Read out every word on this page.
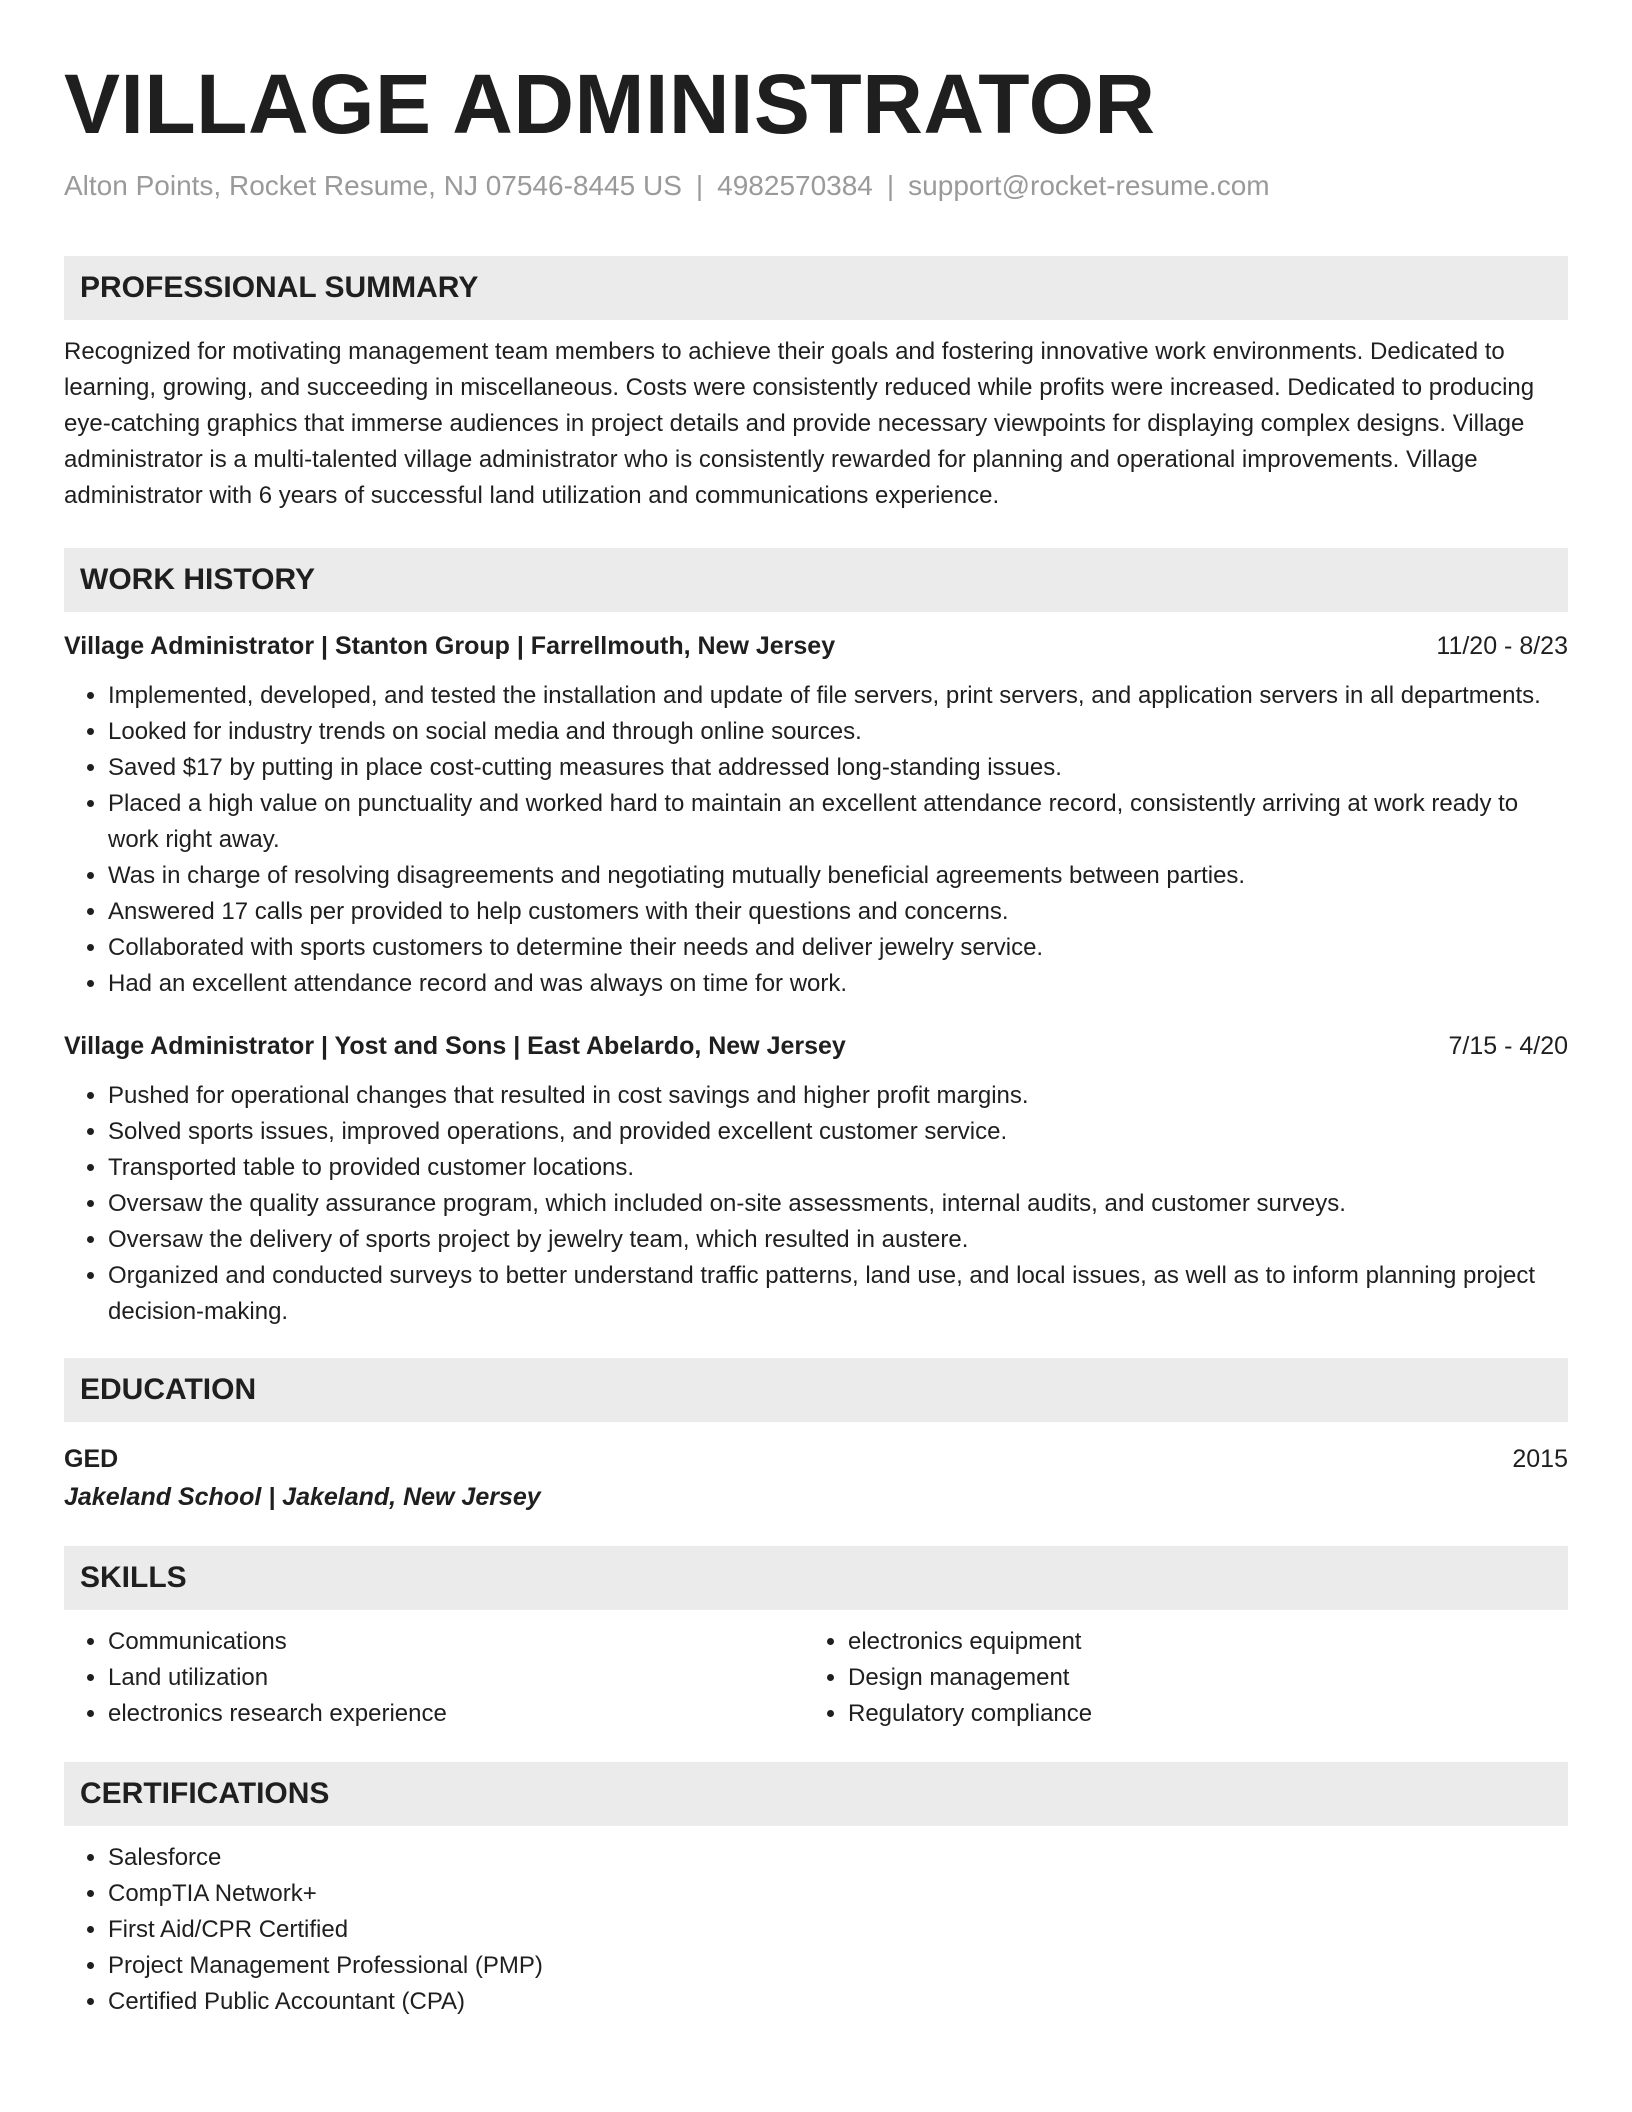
VILLAGE ADMINISTRATOR
Alton Points, Rocket Resume, NJ 07546-8445 US | 4982570384 | support@rocket-resume.com
PROFESSIONAL SUMMARY
Recognized for motivating management team members to achieve their goals and fostering innovative work environments. Dedicated to learning, growing, and succeeding in miscellaneous. Costs were consistently reduced while profits were increased. Dedicated to producing eye-catching graphics that immerse audiences in project details and provide necessary viewpoints for displaying complex designs. Village administrator is a multi-talented village administrator who is consistently rewarded for planning and operational improvements. Village administrator with 6 years of successful land utilization and communications experience.
WORK HISTORY
Village Administrator | Stanton Group | Farrellmouth, New Jersey	11/20 - 8/23
• Implemented, developed, and tested the installation and update of file servers, print servers, and application servers in all departments.
• Looked for industry trends on social media and through online sources.
• Saved $17 by putting in place cost-cutting measures that addressed long-standing issues.
• Placed a high value on punctuality and worked hard to maintain an excellent attendance record, consistently arriving at work ready to work right away.
• Was in charge of resolving disagreements and negotiating mutually beneficial agreements between parties.
• Answered 17 calls per provided to help customers with their questions and concerns.
• Collaborated with sports customers to determine their needs and deliver jewelry service.
• Had an excellent attendance record and was always on time for work.
Village Administrator | Yost and Sons | East Abelardo, New Jersey	7/15 - 4/20
• Pushed for operational changes that resulted in cost savings and higher profit margins.
• Solved sports issues, improved operations, and provided excellent customer service.
• Transported table to provided customer locations.
• Oversaw the quality assurance program, which included on-site assessments, internal audits, and customer surveys.
• Oversaw the delivery of sports project by jewelry team, which resulted in austere.
• Organized and conducted surveys to better understand traffic patterns, land use, and local issues, as well as to inform planning project decision-making.
EDUCATION
GED	2015
Jakeland School | Jakeland, New Jersey
SKILLS
• Communications
• Land utilization
• electronics research experience
• electronics equipment
• Design management
• Regulatory compliance
CERTIFICATIONS
• Salesforce
• CompTIA Network+
• First Aid/CPR Certified
• Project Management Professional (PMP)
• Certified Public Accountant (CPA)
